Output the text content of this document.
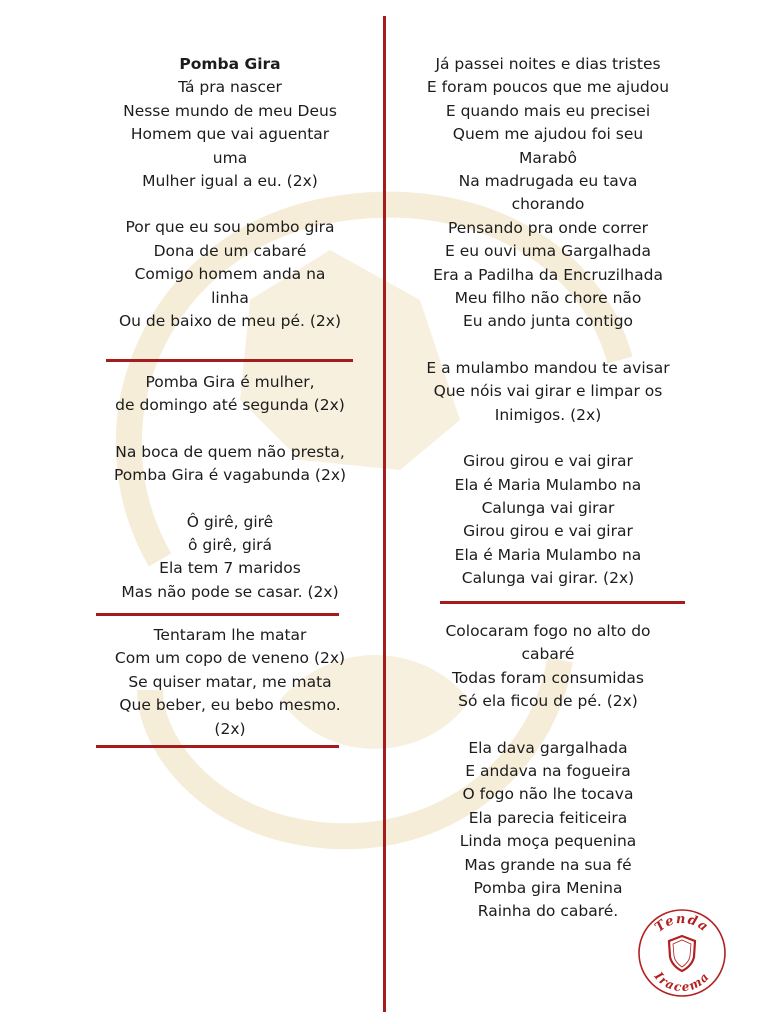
Pomba Gira

Tá pra nascer

Nesse mundo de meu Deus

Homem que vai aguentar

uma

Mulher igual a eu. (2x)

Por que eu sou pombo gira

Dona de um cabaré

Comigo homem anda na

linha

Ou de baixo de meu pé. (2x)

Pomba Gira é mulher,

de domingo até segunda (2x)

Na boca de quem não presta,

Pomba Gira é vagabunda (2x)

Ô girê, girê

ô girê, girá

Ela tem 7 maridos

Mas não pode se casar. (2x)

Tentaram lhe matar

Com um copo de veneno (2x)

Se quiser matar, me mata

Que beber, eu bebo mesmo.

(2x)

Já passei noites e dias tristes

E foram poucos que me ajudou

E quando mais eu precisei

Quem me ajudou foi seu

Marabô

Na madrugada eu tava

chorando

Pensando pra onde correr

E eu ouvi uma Gargalhada

Era a Padilha da Encruzilhada

Meu filho não chore não

Eu ando junta contigo

E a mulambo mandou te avisar

Que nóis vai girar e limpar os

Inimigos. (2x)

Girou girou e vai girar

Ela é Maria Mulambo na

Calunga vai girar

Girou girou e vai girar

Ela é Maria Mulambo na

Calunga vai girar. (2x)

Colocaram fogo no alto do

cabaré

Todas foram consumidas

Só ela ficou de pé. (2x)

Ela dava gargalhada

E andava na fogueira

O fogo não lhe tocava

Ela parecia feiticeira

Linda moça pequenina

Mas grande na sua fé

Pomba gira Menina

Rainha do cabaré.

Tenda
Iracema
